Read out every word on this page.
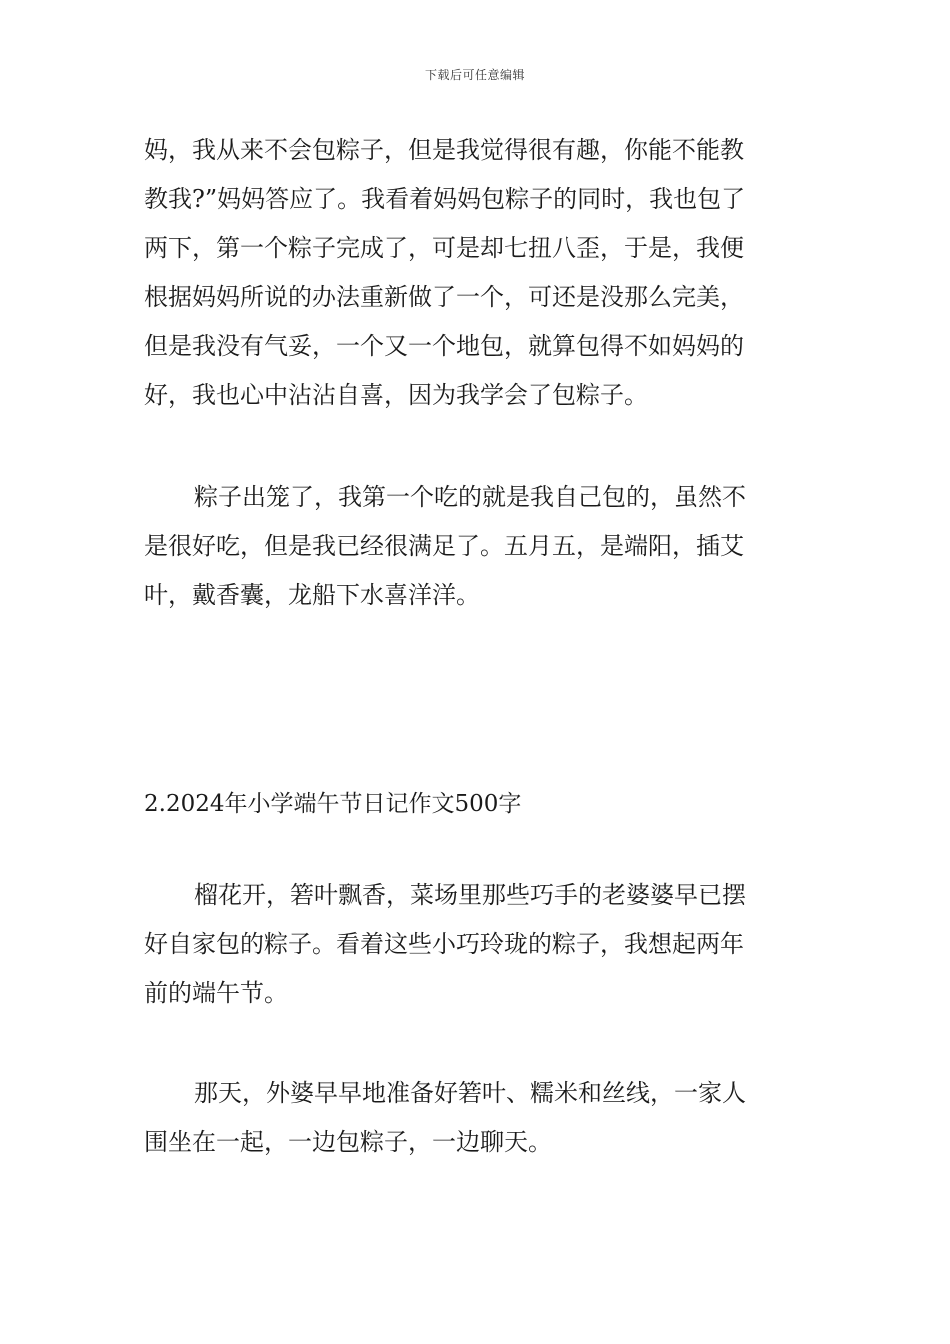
下载后可任意编辑
妈，我从来不会包粽子，但是我觉得很有趣，你能不能教
教我?”妈妈答应了。我看着妈妈包粽子的同时，我也包了
两下，第一个粽子完成了，可是却七扭八歪，于是，我便
根据妈妈所说的办法重新做了一个，可还是没那么完美，
但是我没有气妥，一个又一个地包，就算包得不如妈妈的
好，我也心中沾沾自喜，因为我学会了包粽子。
粽子出笼了，我第一个吃的就是我自己包的，虽然不
是很好吃，但是我已经很满足了。五月五，是端阳，插艾
叶，戴香囊，龙船下水喜洋洋。
2.2024年小学端午节日记作文500字
榴花开，箬叶飘香，菜场里那些巧手的老婆婆早已摆
好自家包的粽子。看着这些小巧玲珑的粽子，我想起两年
前的端午节。
那天，外婆早早地准备好箬叶、糯米和丝线，一家人
围坐在一起，一边包粽子，一边聊天。
